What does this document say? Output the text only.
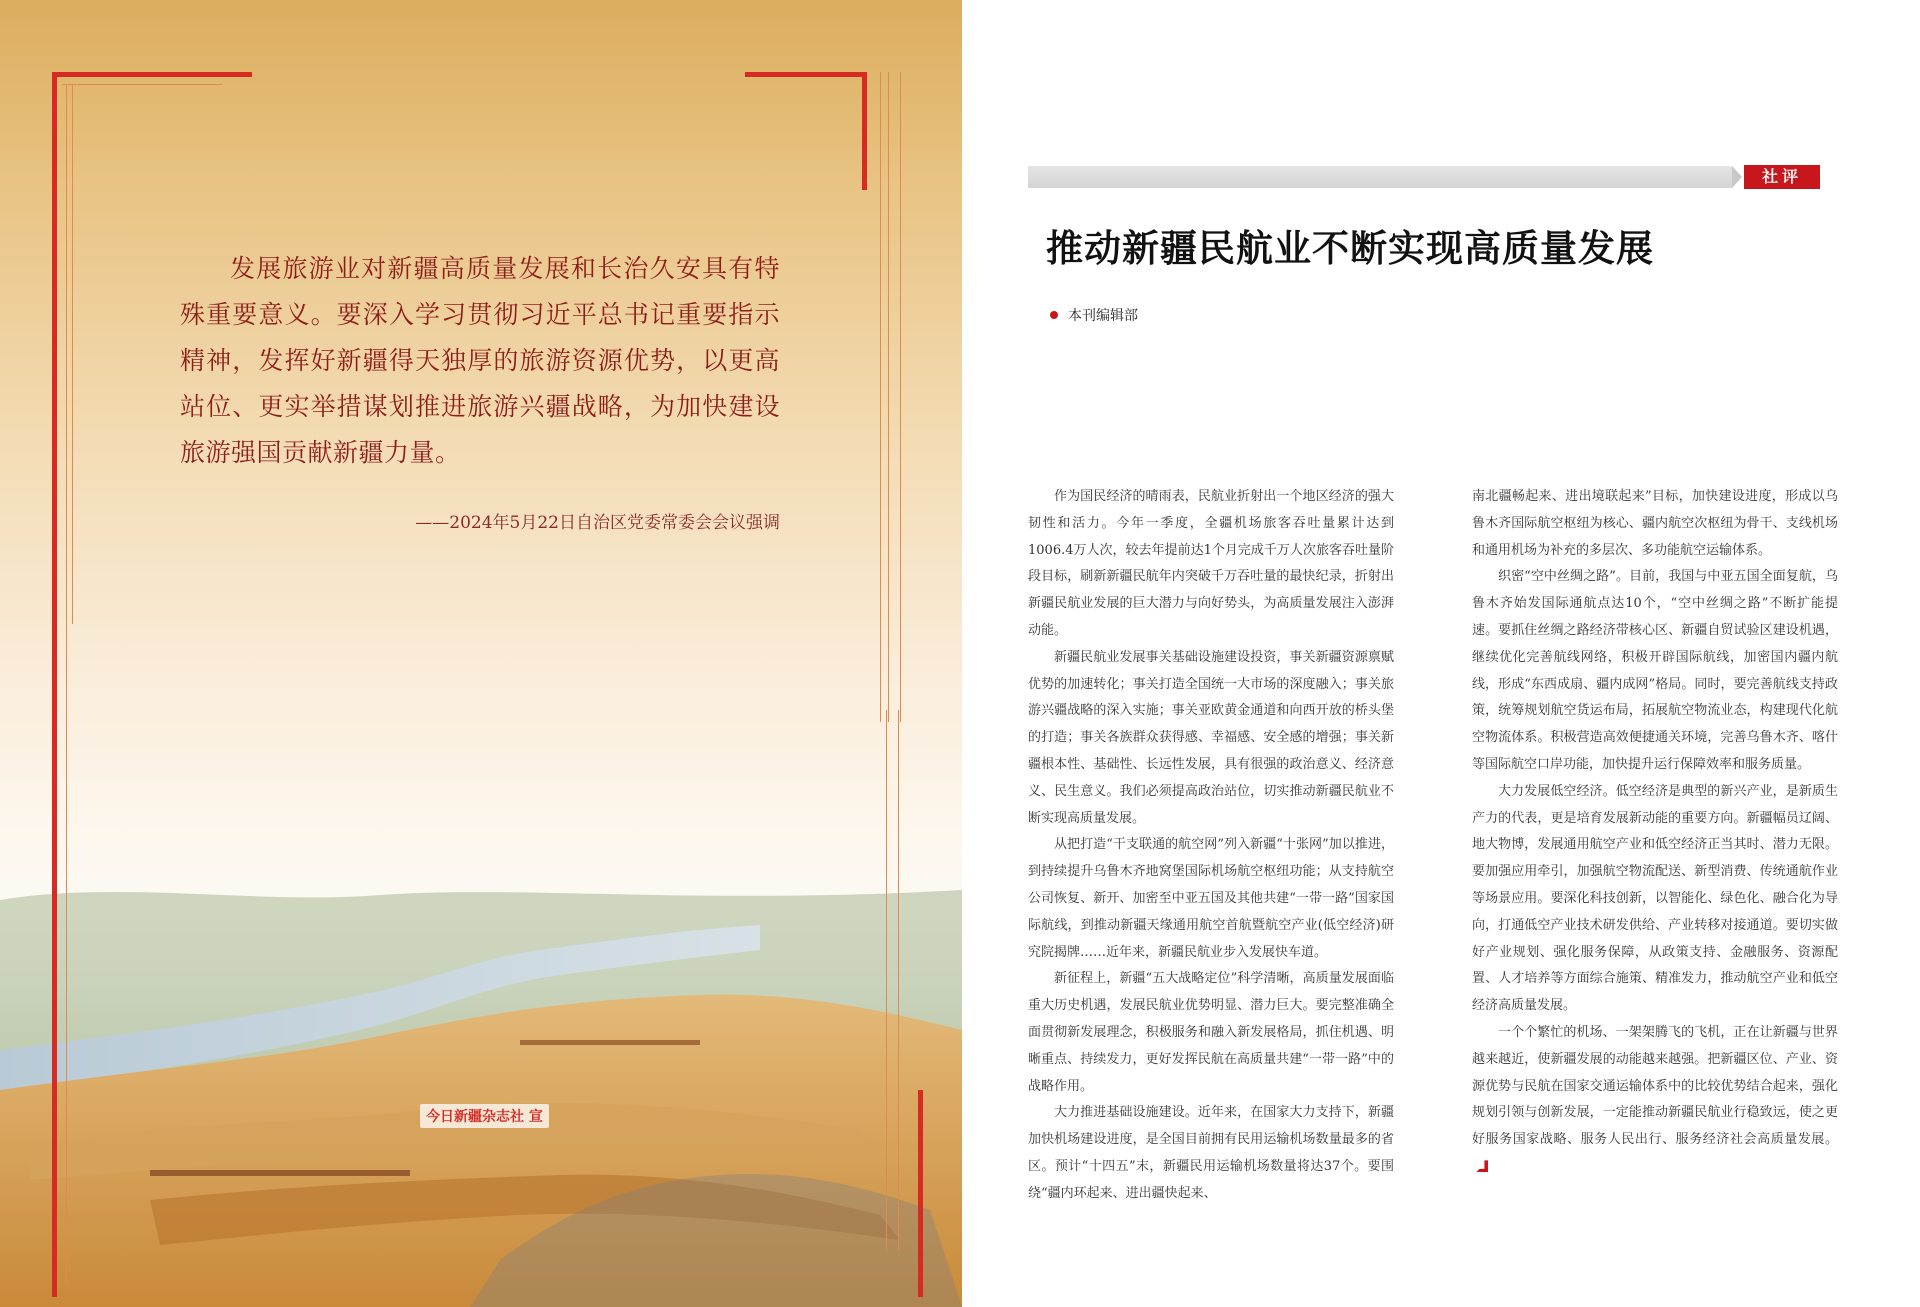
发展旅游业对新疆高质量发展和长治久安具有特殊重要意义。要深入学习贯彻习近平总书记重要指示精神，发挥好新疆得天独厚的旅游资源优势，以更高站位、更实举措谋划推进旅游兴疆战略，为加快建设旅游强国贡献新疆力量。

——2024年5月22日自治区党委常委会会议强调
今日新疆杂志社 宣
社评
推动新疆民航业不断实现高质量发展
本刊编辑部

作为国民经济的晴雨表，民航业折射出一个地区经济的强大韧性和活力。今年一季度，全疆机场旅客吞吐量累计达到1006.4万人次，较去年提前达1个月完成千万人次旅客吞吐量阶段目标，刷新新疆民航年内突破千万吞吐量的最快纪录，折射出新疆民航业发展的巨大潜力与向好势头，为高质量发展注入澎湃动能。

新疆民航业发展事关基础设施建设投资，事关新疆资源禀赋优势的加速转化；事关打造全国统一大市场的深度融入；事关旅游兴疆战略的深入实施；事关亚欧黄金通道和向西开放的桥头堡的打造；事关各族群众获得感、幸福感、安全感的增强；事关新疆根本性、基础性、长远性发展，具有很强的政治意义、经济意义、民生意义。我们必须提高政治站位，切实推动新疆民航业不断实现高质量发展。

从把打造“干支联通的航空网”列入新疆“十张网”加以推进，到持续提升乌鲁木齐地窝堡国际机场航空枢纽功能；从支持航空公司恢复、新开、加密至中亚五国及其他共建“一带一路”国家国际航线，到推动新疆天缘通用航空首航暨航空产业(低空经济)研究院揭牌……近年来，新疆民航业步入发展快车道。

新征程上，新疆“五大战略定位”科学清晰，高质量发展面临重大历史机遇，发展民航业优势明显、潜力巨大。要完整准确全面贯彻新发展理念，积极服务和融入新发展格局，抓住机遇、明晰重点、持续发力，更好发挥民航在高质量共建“一带一路”中的战略作用。

大力推进基础设施建设。近年来，在国家大力支持下，新疆加快机场建设进度，是全国目前拥有民用运输机场数量最多的省区。预计“十四五”末，新疆民用运输机场数量将达37个。要围绕“疆内环起来、进出疆快起来、

南北疆畅起来、进出境联起来”目标，加快建设进度，形成以乌鲁木齐国际航空枢纽为核心、疆内航空次枢纽为骨干、支线机场和通用机场为补充的多层次、多功能航空运输体系。

织密“空中丝绸之路”。目前，我国与中亚五国全面复航，乌鲁木齐始发国际通航点达10个，“空中丝绸之路”不断扩能提速。要抓住丝绸之路经济带核心区、新疆自贸试验区建设机遇，继续优化完善航线网络，积极开辟国际航线，加密国内疆内航线，形成“东西成扇、疆内成网”格局。同时，要完善航线支持政策，统筹规划航空货运布局，拓展航空物流业态，构建现代化航空物流体系。积极营造高效便捷通关环境，完善乌鲁木齐、喀什等国际航空口岸功能，加快提升运行保障效率和服务质量。

大力发展低空经济。低空经济是典型的新兴产业，是新质生产力的代表，更是培育发展新动能的重要方向。新疆幅员辽阔、地大物博，发展通用航空产业和低空经济正当其时、潜力无限。要加强应用牵引，加强航空物流配送、新型消费、传统通航作业等场景应用。要深化科技创新，以智能化、绿色化、融合化为导向，打通低空产业技术研发供给、产业转移对接通道。要切实做好产业规划、强化服务保障，从政策支持、金融服务、资源配置、人才培养等方面综合施策、精准发力，推动航空产业和低空经济高质量发展。

一个个繁忙的机场、一架架腾飞的飞机，正在让新疆与世界越来越近，使新疆发展的动能越来越强。把新疆区位、产业、资源优势与民航在国家交通运输体系中的比较优势结合起来，强化规划引领与创新发展，一定能推动新疆民航业行稳致远，使之更好服务国家战略、服务人民出行、服务经济社会高质量发展。
